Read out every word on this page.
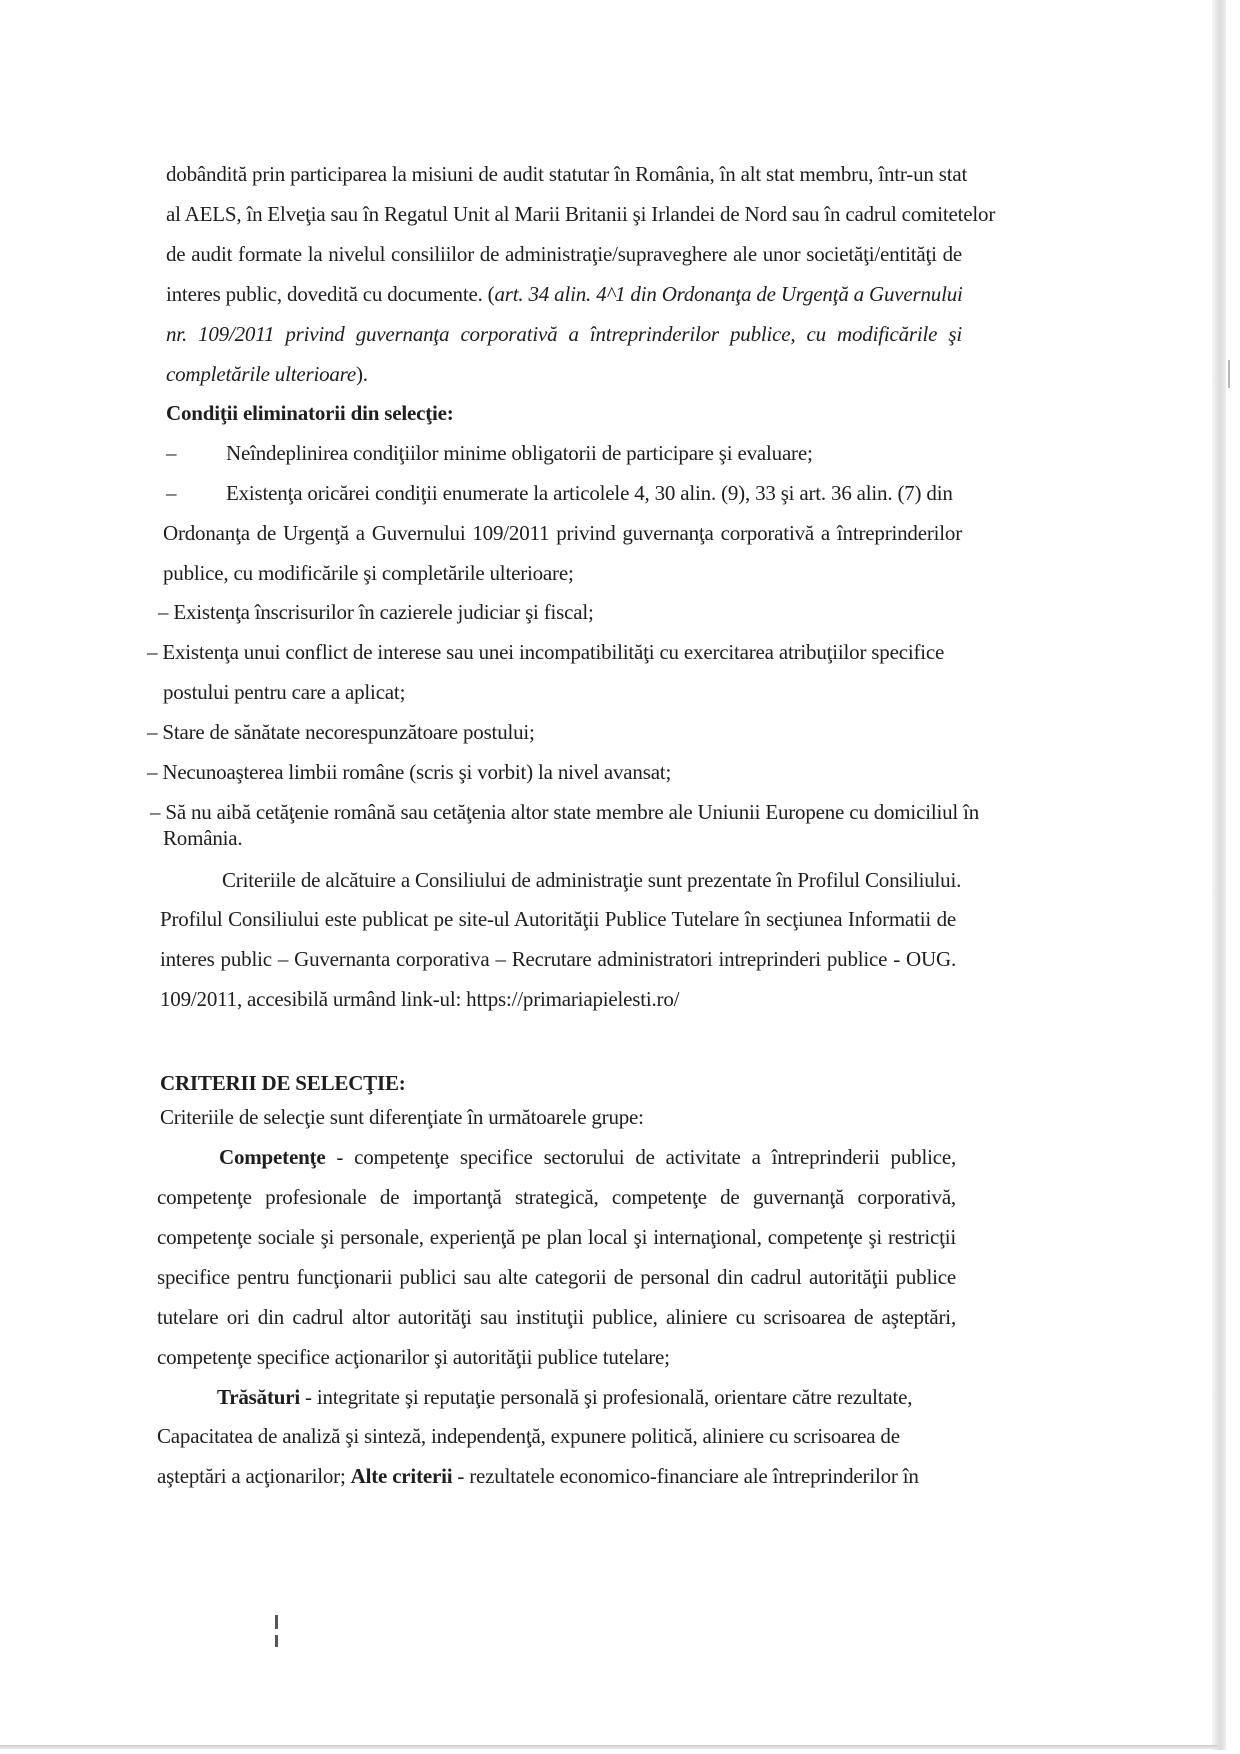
dobândită prin participarea la misiuni de audit statutar în România, în alt stat membru, într-un stat
al AELS, în Elveţia sau în Regatul Unit al Marii Britanii şi Irlandei de Nord sau în cadrul comitetelor
de audit formate la nivelul consiliilor de administraţie/supraveghere ale unor societăţi/entităţi de
interes public, dovedită cu documente. (art. 34 alin. 4^1 din Ordonanţa de Urgenţă a Guvernului
nr. 109/2011 privind guvernanţa corporativă a întreprinderilor publice, cu modificările şi
completările ulterioare).
Condiţii eliminatorii din selecţie:
– Neîndeplinirea condiţiilor minime obligatorii de participare şi evaluare;
– Existenţa oricărei condiţii enumerate la articolele 4, 30 alin. (9), 33 şi art. 36 alin. (7) din
Ordonanţa de Urgenţă a Guvernului 109/2011 privind guvernanţa corporativă a întreprinderilor
publice, cu modificările şi completările ulterioare;
– Existenţa înscrisurilor în cazierele judiciar şi fiscal;
– Existenţa unui conflict de interese sau unei incompatibilităţi cu exercitarea atribuţiilor specifice
postului pentru care a aplicat;
– Stare de sănătate necorespunzătoare postului;
– Necunoaşterea limbii române (scris şi vorbit) la nivel avansat;
– Să nu aibă cetăţenie română sau cetăţenia altor state membre ale Uniunii Europene cu domiciliul în
România.
Criteriile de alcătuire a Consiliului de administraţie sunt prezentate în Profilul Consiliului.
Profilul Consiliului este publicat pe site-ul Autorităţii Publice Tutelare în secţiunea Informatii de
interes public – Guvernanta corporativa – Recrutare administratori intreprinderi publice - OUG.
109/2011, accesibilă urmând link-ul: https://primariapielesti.ro/
CRITERII DE SELECŢIE:
Criteriile de selecţie sunt diferenţiate în următoarele grupe:
Competenţe - competenţe specifice sectorului de activitate a întreprinderii publice,
competenţe profesionale de importanţă strategică, competenţe de guvernanţă corporativă,
competenţe sociale şi personale, experienţă pe plan local şi internaţional, competenţe şi restricţii
specifice pentru funcţionarii publici sau alte categorii de personal din cadrul autorităţii publice
tutelare ori din cadrul altor autorităţi sau instituţii publice, aliniere cu scrisoarea de aşteptări,
competenţe specifice acţionarilor şi autorităţii publice tutelare;
Trăsături - integritate şi reputaţie personală şi profesională, orientare către rezultate,
Capacitatea de analiză şi sinteză, independenţă, expunere politică, aliniere cu scrisoarea de
aşteptări a acţionarilor; Alte criterii - rezultatele economico-financiare ale întreprinderilor în
